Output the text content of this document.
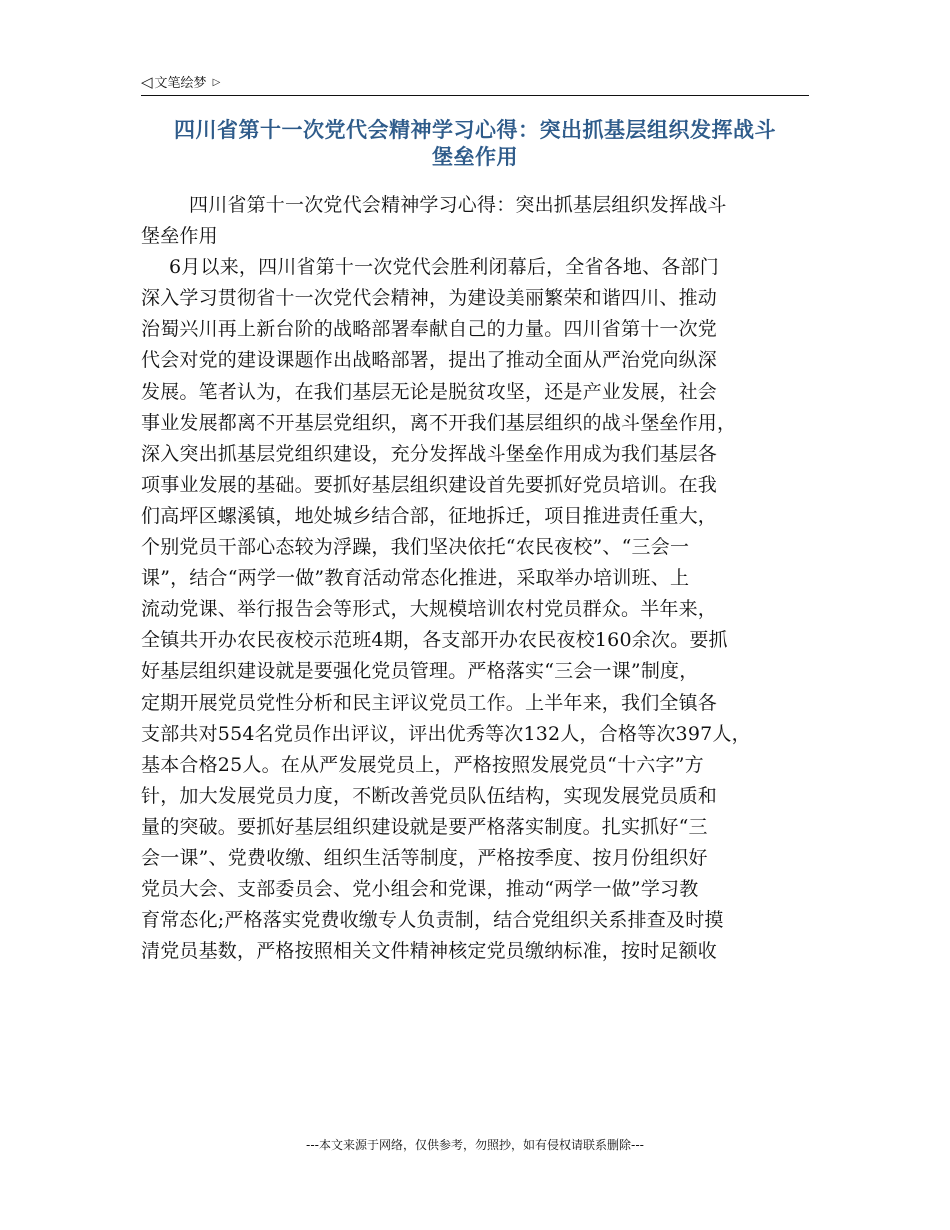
◁ 文笔绘梦 ▷
四川省第十一次党代会精神学习心得：突出抓基层组织发挥战斗
堡垒作用
四川省第十一次党代会精神学习心得：突出抓基层组织发挥战斗
堡垒作用
6月以来，四川省第十一次党代会胜利闭幕后，全省各地、各部门
深入学习贯彻省十一次党代会精神，为建设美丽繁荣和谐四川、推动
治蜀兴川再上新台阶的战略部署奉献自己的力量。四川省第十一次党
代会对党的建设课题作出战略部署，提出了推动全面从严治党向纵深
发展。笔者认为，在我们基层无论是脱贫攻坚，还是产业发展，社会
事业发展都离不开基层党组织，离不开我们基层组织的战斗堡垒作用，
深入突出抓基层党组织建设，充分发挥战斗堡垒作用成为我们基层各
项事业发展的基础。要抓好基层组织建设首先要抓好党员培训。在我
们高坪区螺溪镇，地处城乡结合部，征地拆迁，项目推进责任重大，
个别党员干部心态较为浮躁，我们坚决依托“农民夜校”、“三会一
课”，结合“两学一做”教育活动常态化推进，采取举办培训班、上
流动党课、举行报告会等形式，大规模培训农村党员群众。半年来，
全镇共开办农民夜校示范班4期，各支部开办农民夜校160余次。要抓
好基层组织建设就是要强化党员管理。严格落实“三会一课”制度，
定期开展党员党性分析和民主评议党员工作。上半年来，我们全镇各
支部共对554名党员作出评议，评出优秀等次132人，合格等次397人，
基本合格25人。在从严发展党员上，严格按照发展党员“十六字”方
针，加大发展党员力度，不断改善党员队伍结构，实现发展党员质和
量的突破。要抓好基层组织建设就是要严格落实制度。扎实抓好“三
会一课”、党费收缴、组织生活等制度，严格按季度、按月份组织好
党员大会、支部委员会、党小组会和党课，推动“两学一做”学习教
育常态化;严格落实党费收缴专人负责制，结合党组织关系排查及时摸
清党员基数，严格按照相关文件精神核定党员缴纳标准，按时足额收
---本文来源于网络，仅供参考，勿照抄，如有侵权请联系删除---
